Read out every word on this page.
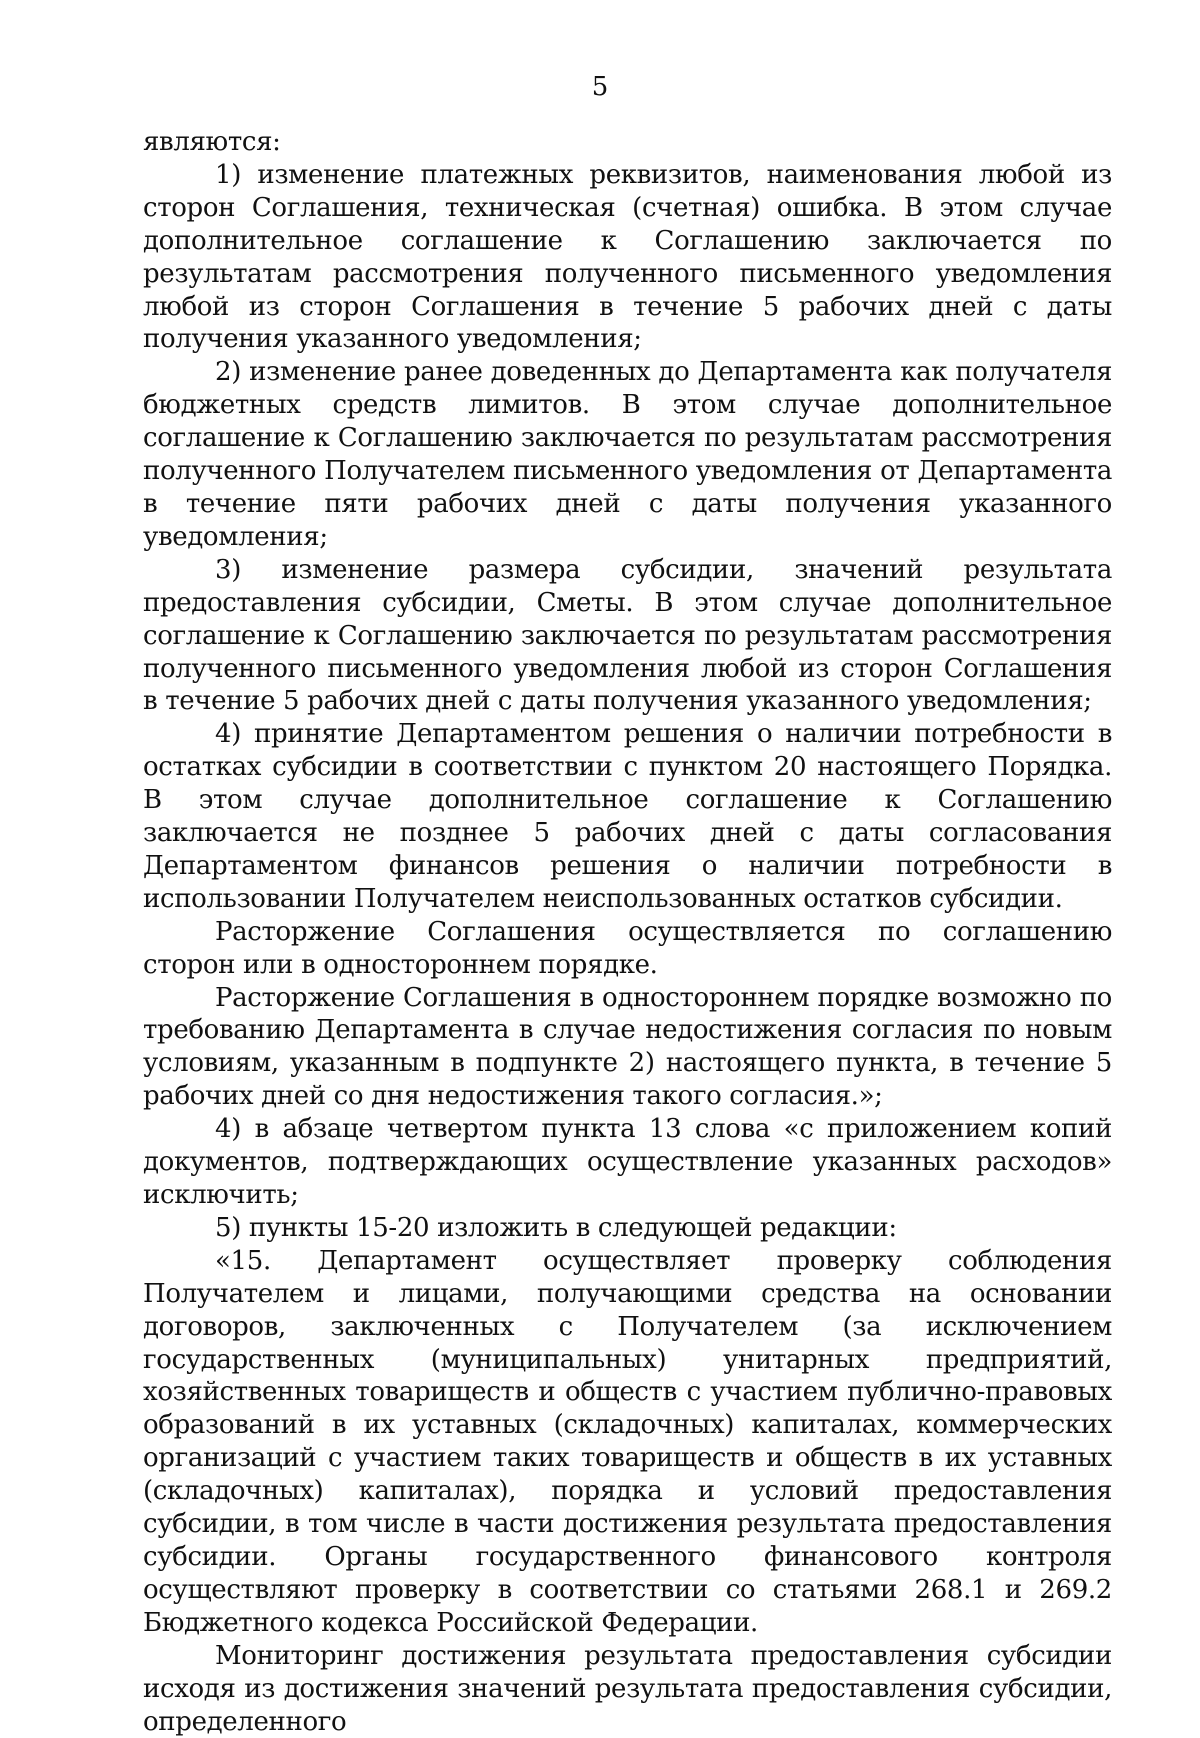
5

являются:

1) изменение платежных реквизитов, наименования любой из сторон Соглашения, техническая (счетная) ошибка. В этом случае дополнительное соглашение к Соглашению заключается по результатам рассмотрения полученного письменного уведомления любой из сторон Соглашения в течение 5 рабочих дней с даты получения указанного уведомления;

2) изменение ранее доведенных до Департамента как получателя бюджетных средств лимитов. В этом случае дополнительное соглашение к Соглашению заключается по результатам рассмотрения полученного Получателем письменного уведомления от Департамента в течение пяти рабочих дней с даты получения указанного уведомления;

3) изменение размера субсидии, значений результата предоставления субсидии, Сметы. В этом случае дополнительное соглашение к Соглашению заключается по результатам рассмотрения полученного письменного уведомления любой из сторон Соглашения в течение 5 рабочих дней с даты получения указанного уведомления;

4) принятие Департаментом решения о наличии потребности в остатках субсидии в соответствии с пунктом 20 настоящего Порядка. В этом случае дополнительное соглашение к Соглашению заключается не позднее 5 рабочих дней с даты согласования Департаментом финансов решения о наличии потребности в использовании Получателем неиспользованных остатков субсидии.

Расторжение Соглашения осуществляется по соглашению сторон или в одностороннем порядке.

Расторжение Соглашения в одностороннем порядке возможно по требованию Департамента в случае недостижения согласия по новым условиям, указанным в подпункте 2) настоящего пункта, в течение 5 рабочих дней со дня недостижения такого согласия.»;

4) в абзаце четвертом пункта 13 слова «с приложением копий документов, подтверждающих осуществление указанных расходов» исключить;

5) пункты 15-20 изложить в следующей редакции:

«15. Департамент осуществляет проверку соблюдения Получателем и лицами, получающими средства на основании договоров, заключенных с Получателем (за исключением государственных (муниципальных) унитарных предприятий, хозяйственных товариществ и обществ с участием публично-правовых образований в их уставных (складочных) капиталах, коммерческих организаций с участием таких товариществ и обществ в их уставных (складочных) капиталах), порядка и условий предоставления субсидии, в том числе в части достижения результата предоставления субсидии. Органы государственного финансового контроля осуществляют проверку в соответствии со статьями 268.1 и 269.2 Бюджетного кодекса Российской Федерации.

Мониторинг достижения результата предоставления субсидии исходя из достижения значений результата предоставления субсидии, определенного
